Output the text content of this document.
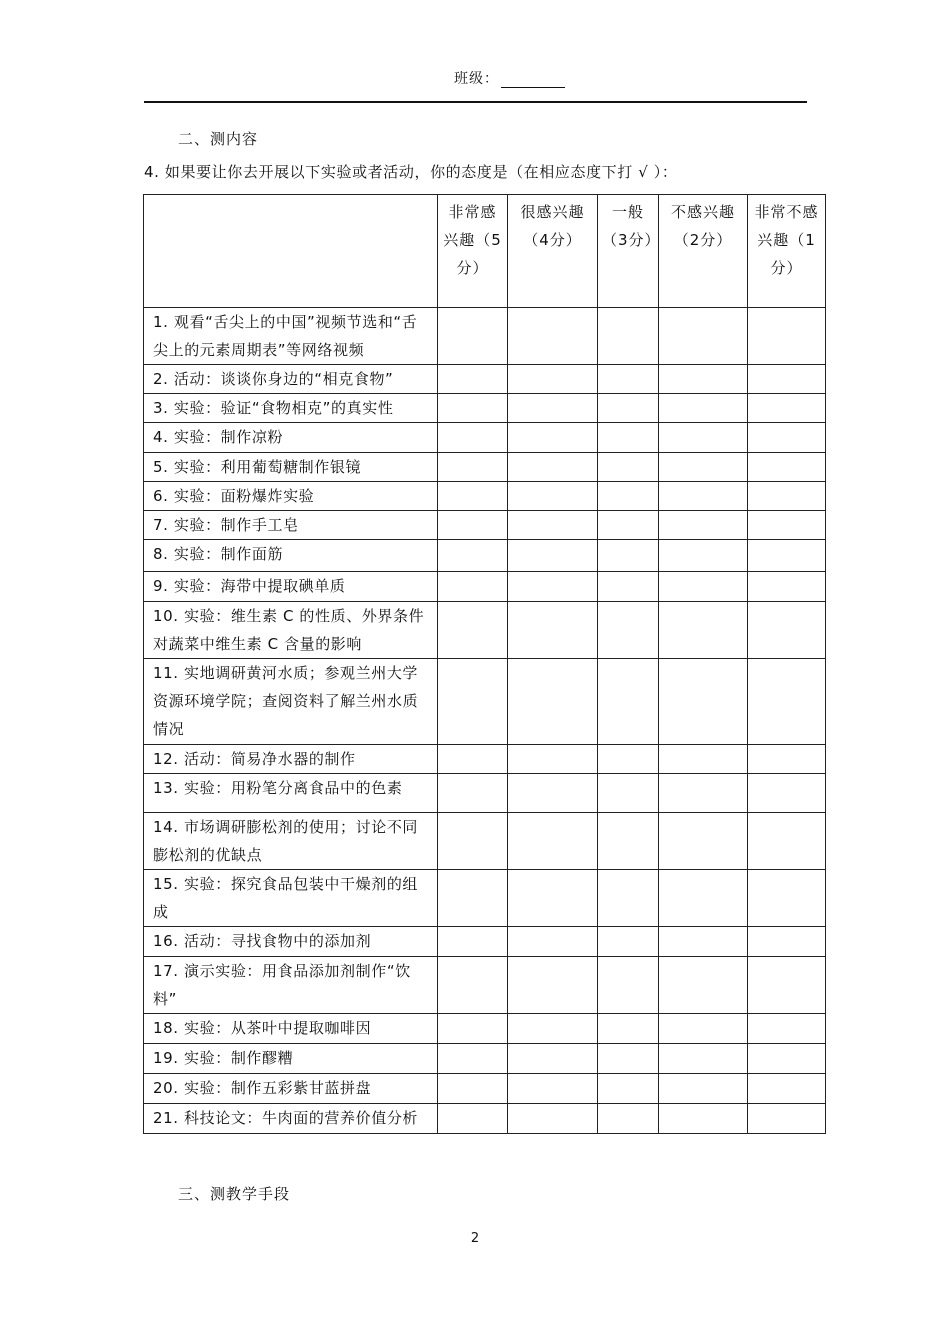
班级：
二、测内容
4. 如果要让你去开展以下实验或者活动，你的态度是（在相应态度下打 √ ）：
	非常感兴趣（5分）	很感兴趣（4分）	一般（3分）	不感兴趣（2分）	非常不感兴趣（1分）
1. 观看“舌尖上的中国”视频节选和“舌尖上的元素周期表”等网络视频					
2. 活动：谈谈你身边的“相克食物”					
3. 实验：验证“食物相克”的真实性					
4. 实验：制作凉粉					
5. 实验：利用葡萄糖制作银镜					
6. 实验：面粉爆炸实验					
7. 实验：制作手工皂					
8. 实验：制作面筋					
9. 实验：海带中提取碘单质					
10. 实验：维生素 C 的性质、外界条件对蔬菜中维生素 C 含量的影响					
11. 实地调研黄河水质；参观兰州大学资源环境学院；查阅资料了解兰州水质情况					
12. 活动：简易净水器的制作					
13. 实验：用粉笔分离食品中的色素					
14. 市场调研膨松剂的使用；讨论不同膨松剂的优缺点					
15. 实验：探究食品包装中干燥剂的组成					
16. 活动：寻找食物中的添加剂					
17. 演示实验：用食品添加剂制作“饮料”					
18. 实验：从茶叶中提取咖啡因					
19. 实验：制作醪糟					
20. 实验：制作五彩紫甘蓝拼盘					
21. 科技论文：牛肉面的营养价值分析					
三、测教学手段
2
